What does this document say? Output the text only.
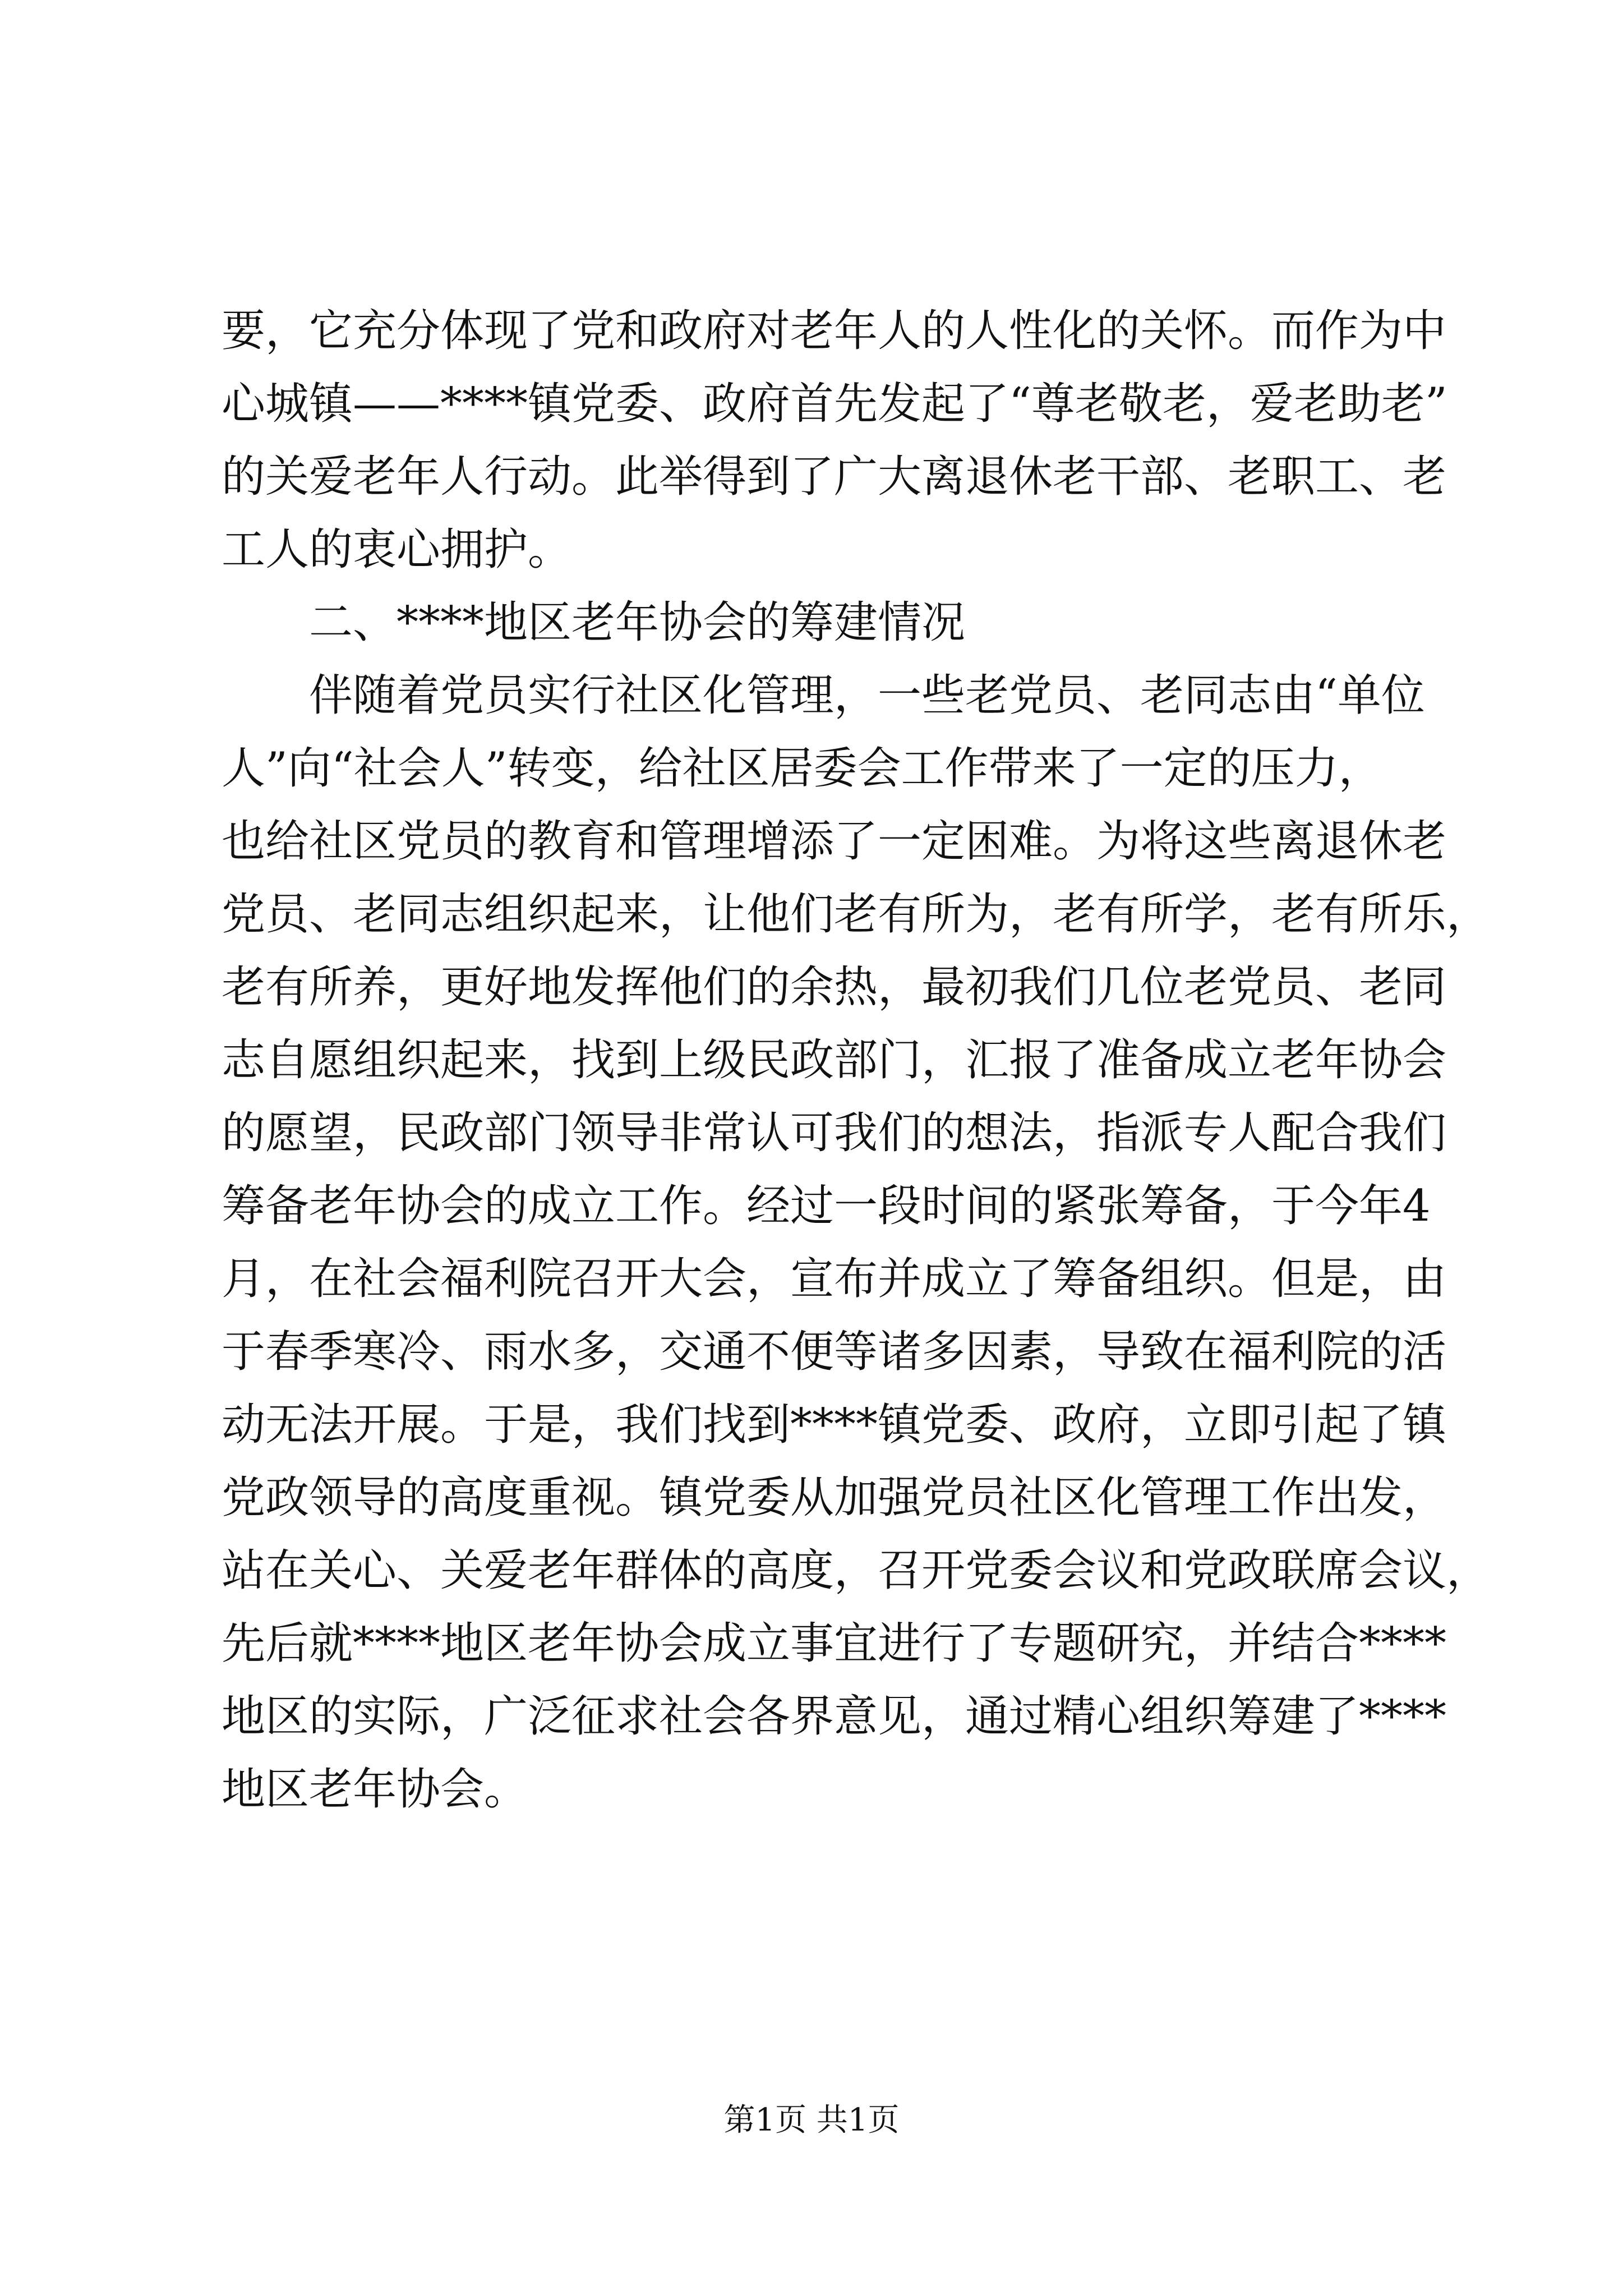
要，它充分体现了党和政府对老年人的人性化的关怀。而作为中
心城镇——****镇党委、政府首先发起了“尊老敬老，爱老助老”
的关爱老年人行动。此举得到了广大离退休老干部、老职工、老
工人的衷心拥护。
二、****地区老年协会的筹建情况
伴随着党员实行社区化管理，一些老党员、老同志由“单位
人”向“社会人”转变，给社区居委会工作带来了一定的压力，
也给社区党员的教育和管理增添了一定困难。为将这些离退休老
党员、老同志组织起来，让他们老有所为，老有所学，老有所乐，
老有所养，更好地发挥他们的余热，最初我们几位老党员、老同
志自愿组织起来，找到上级民政部门，汇报了准备成立老年协会
的愿望，民政部门领导非常认可我们的想法，指派专人配合我们
筹备老年协会的成立工作。经过一段时间的紧张筹备，于今年4
月，在社会福利院召开大会，宣布并成立了筹备组织。但是，由
于春季寒冷、雨水多，交通不便等诸多因素，导致在福利院的活
动无法开展。于是，我们找到****镇党委、政府，立即引起了镇
党政领导的高度重视。镇党委从加强党员社区化管理工作出发，
站在关心、关爱老年群体的高度，召开党委会议和党政联席会议，
先后就****地区老年协会成立事宜进行了专题研究，并结合****
地区的实际，广泛征求社会各界意见，通过精心组织筹建了****
地区老年协会。
第1页 共1页
